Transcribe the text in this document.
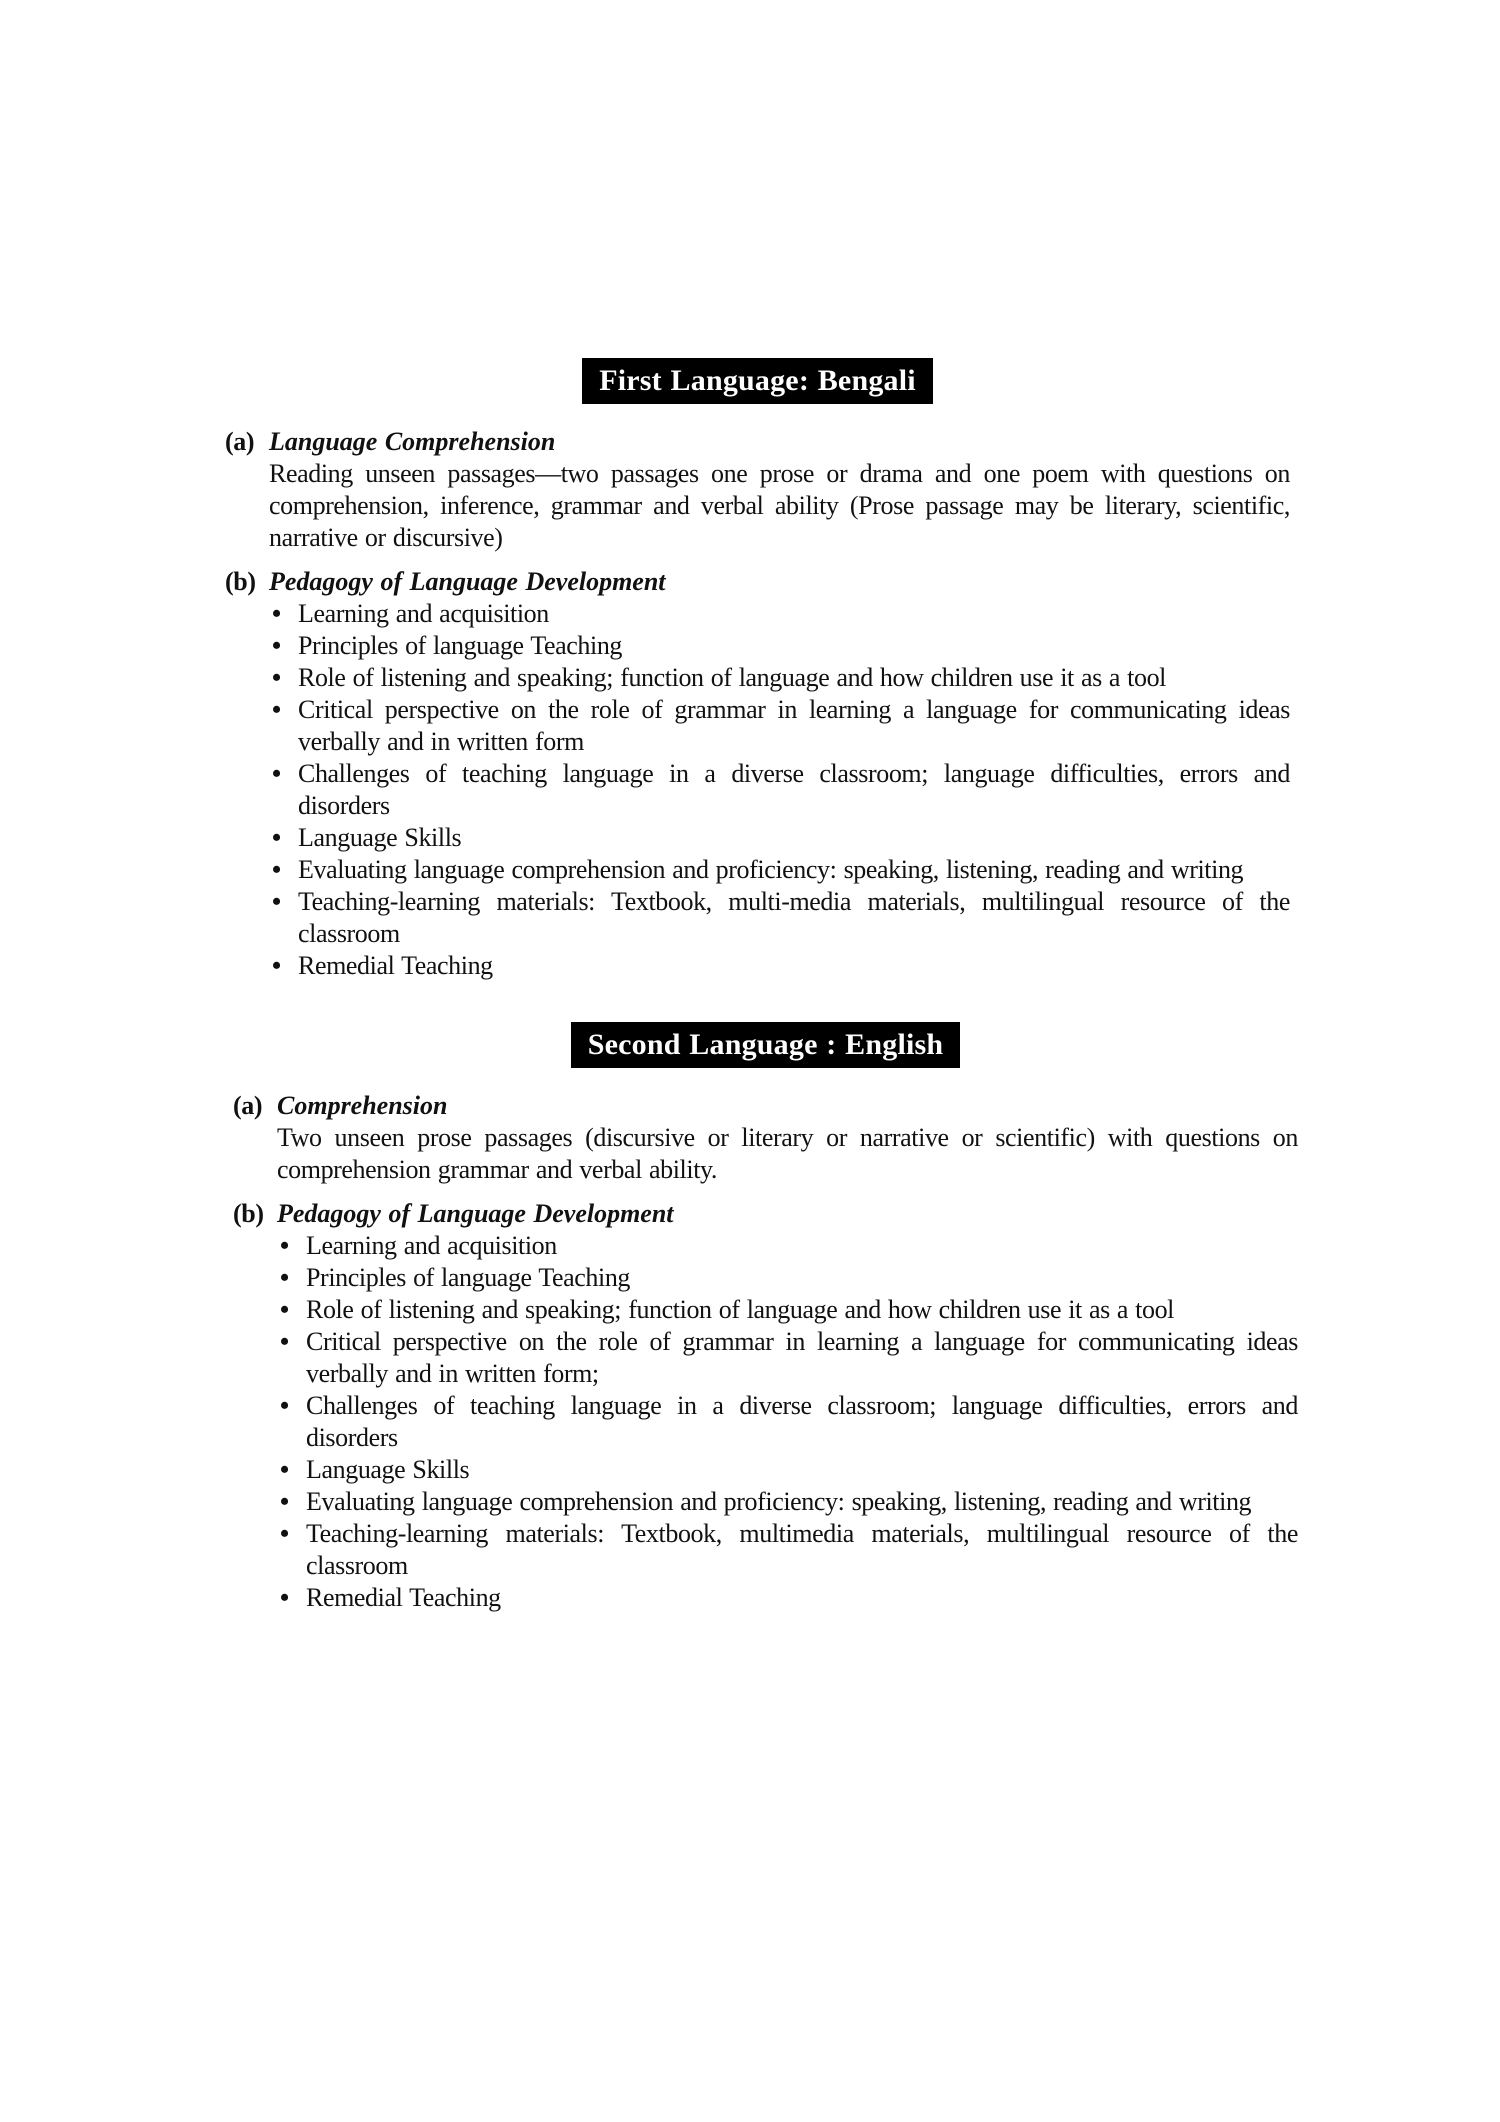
First Language: Bengali
(a) Language Comprehension

Reading unseen passages—two passages one prose or drama and one poem with questions on comprehension, inference, grammar and verbal ability (Prose passage may be literary, scientific, narrative or discursive)

(b) Pedagogy of Language Development
• Learning and acquisition
• Principles of language Teaching
• Role of listening and speaking; function of language and how children use it as a tool
• Critical perspective on the role of grammar in learning a language for communicating ideas verbally and in written form
• Challenges of teaching language in a diverse classroom; language difficulties, errors and disorders
• Language Skills
• Evaluating language comprehension and proficiency: speaking, listening, reading and writing
• Teaching-learning materials: Textbook, multi-media materials, multilingual resource of the classroom
• Remedial Teaching
Second Language : English
(a) Comprehension

Two unseen prose passages (discursive or literary or narrative or scientific) with questions on comprehension grammar and verbal ability.

(b) Pedagogy of Language Development
• Learning and acquisition
• Principles of language Teaching
• Role of listening and speaking; function of language and how children use it as a tool
• Critical perspective on the role of grammar in learning a language for communicating ideas verbally and in written form;
• Challenges of teaching language in a diverse classroom; language difficulties, errors and disorders
• Language Skills
• Evaluating language comprehension and proficiency: speaking, listening, reading and writing
• Teaching-learning materials: Textbook, multimedia materials, multilingual resource of the classroom
• Remedial Teaching
